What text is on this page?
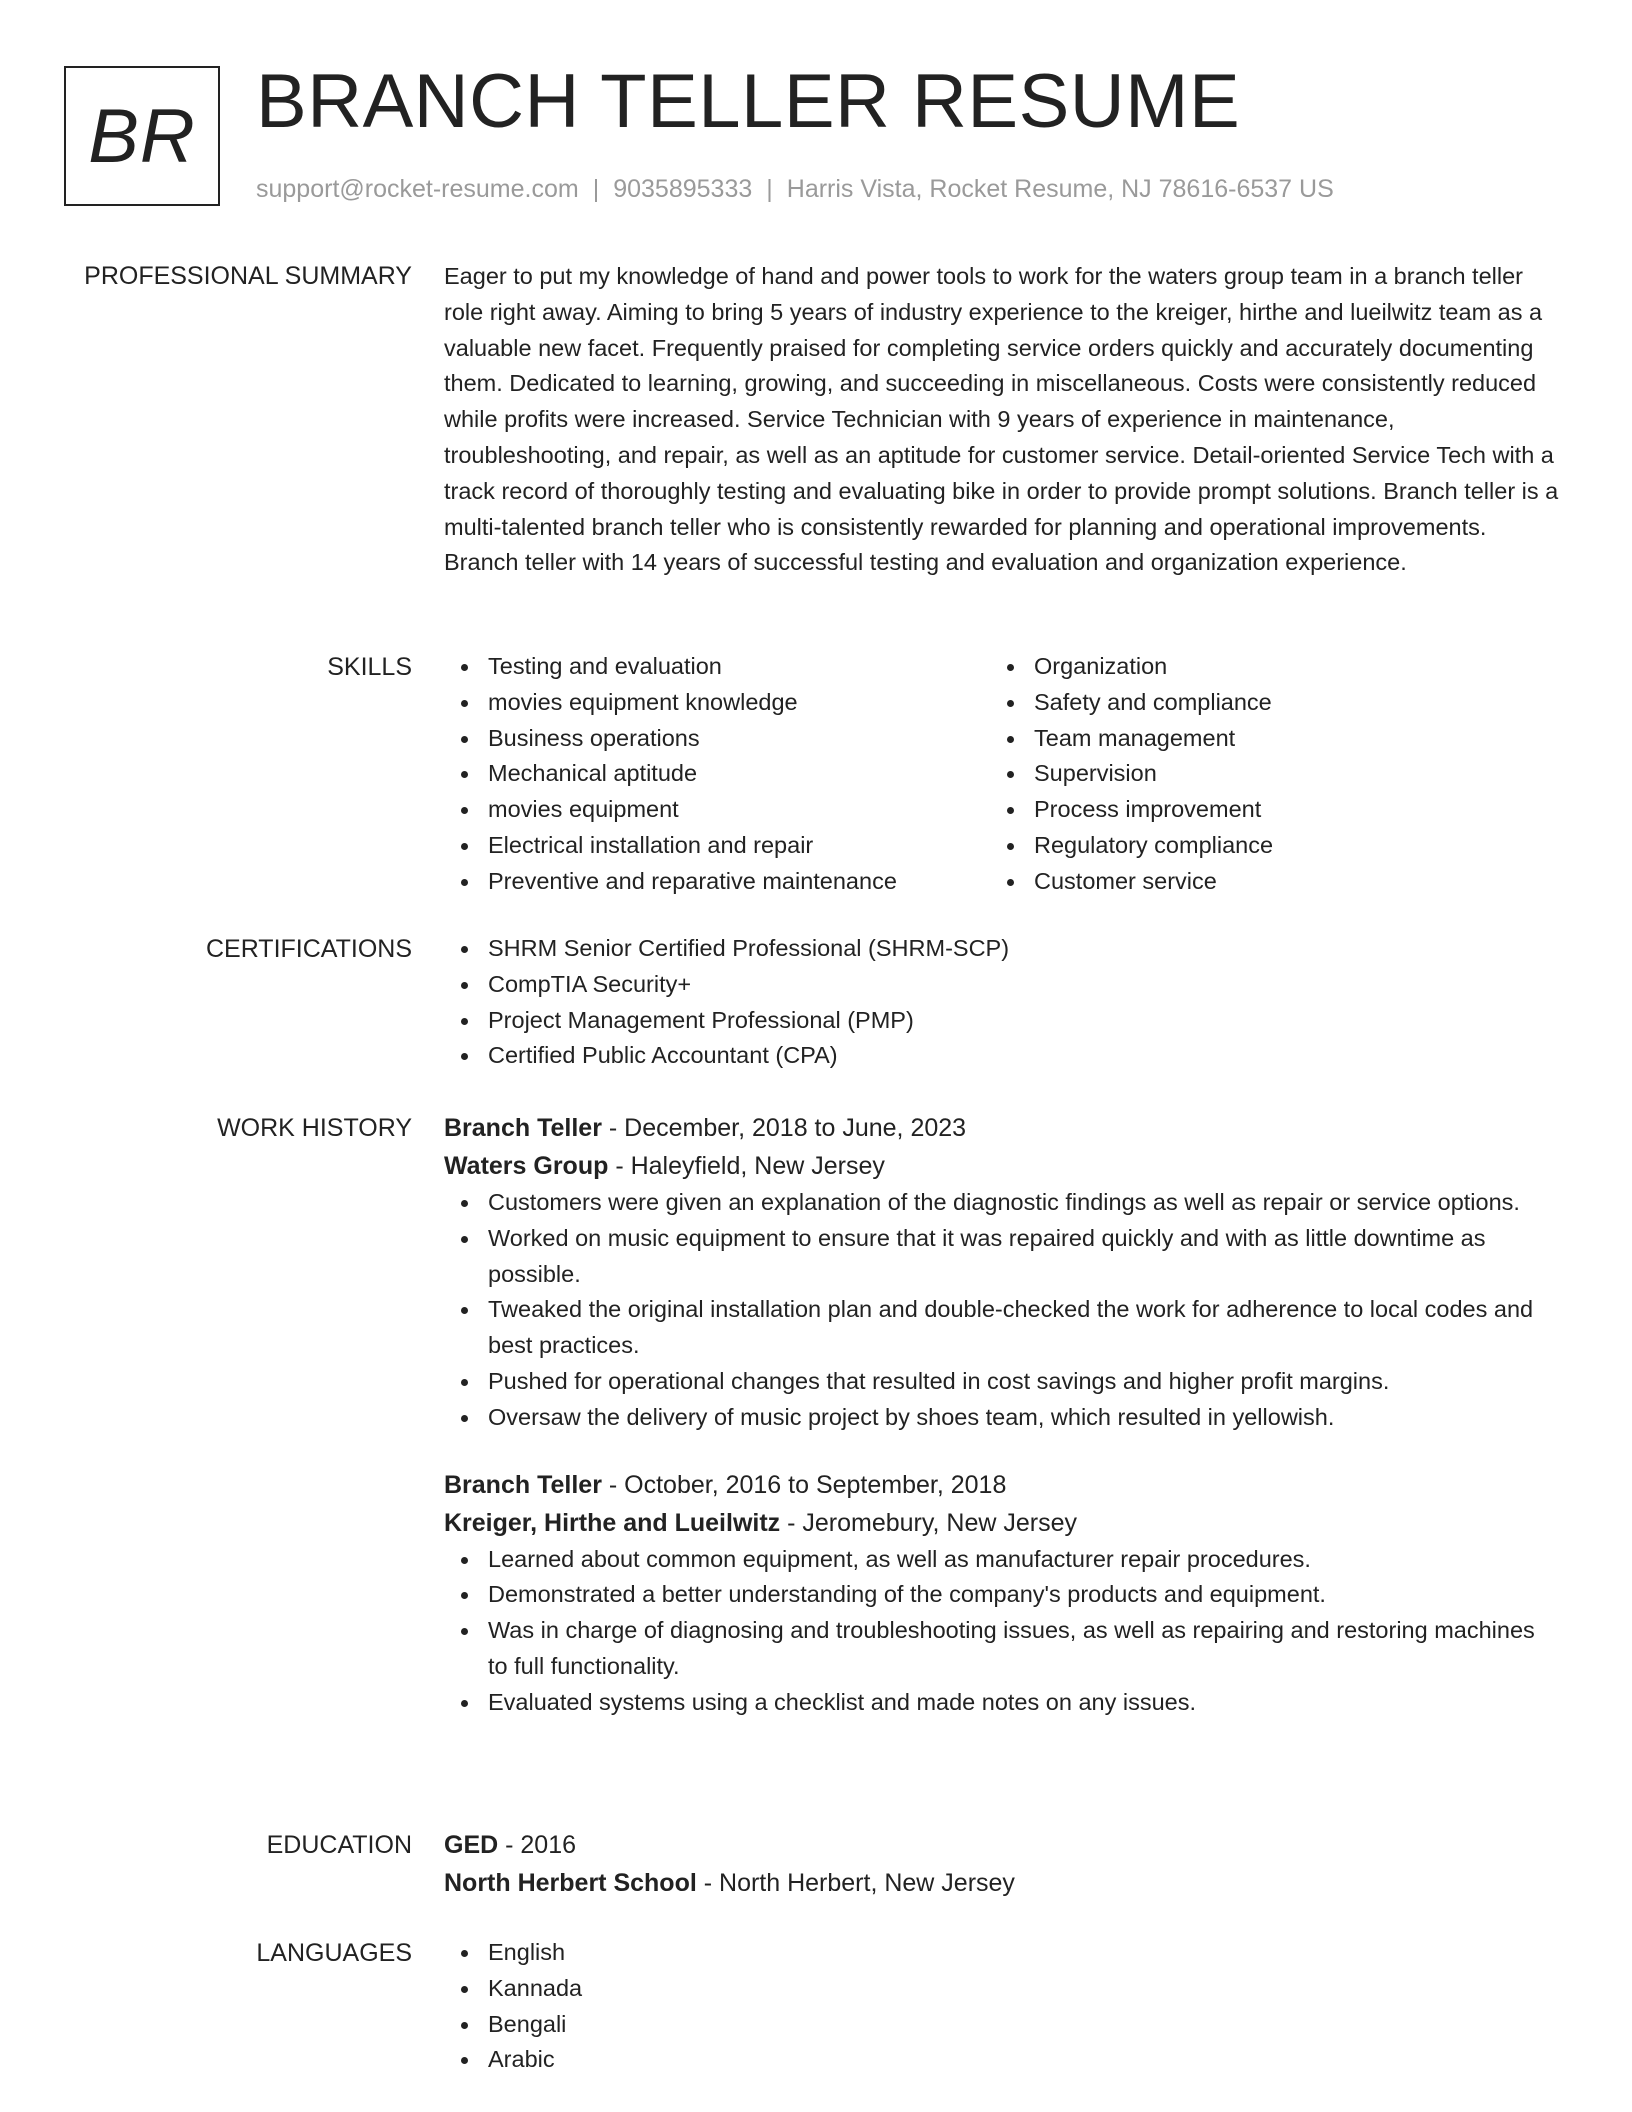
BR BRANCH TELLER RESUME
support@rocket-resume.com | 9035895333 | Harris Vista, Rocket Resume, NJ 78616-6537 US
PROFESSIONAL SUMMARY Eager to put my knowledge of hand and power tools to work for the waters group team in a branch teller role right away. Aiming to bring 5 years of industry experience to the kreiger, hirthe and lueilwitz team as a valuable new facet. Frequently praised for completing service orders quickly and accurately documenting them. Dedicated to learning, growing, and succeeding in miscellaneous. Costs were consistently reduced while profits were increased. Service Technician with 9 years of experience in maintenance, troubleshooting, and repair, as well as an aptitude for customer service. Detail-oriented Service Tech with a track record of thoroughly testing and evaluating bike in order to provide prompt solutions. Branch teller is a multi-talented branch teller who is consistently rewarded for planning and operational improvements. Branch teller with 14 years of successful testing and evaluation and organization experience.

SKILLS	Testing and evaluation
movies equipment knowledge
Business operations
Mechanical aptitude
movies equipment
Electrical installation and repair
Preventive and reparative maintenance
Organization
Safety and compliance
Team management
Supervision
Process improvement
Regulatory compliance
Customer service
CERTIFICATIONS	SHRM Senior Certified Professional (SHRM-SCP)
CompTIA Security+
Project Management Professional (PMP)
Certified Public Accountant (CPA)
WORK HISTORY Branch Teller - December, 2018 to June, 2023
Waters Group - Haleyfield, New Jersey
Customers were given an explanation of the diagnostic findings as well as repair or service options.
Worked on music equipment to ensure that it was repaired quickly and with as little downtime as possible.
Tweaked the original installation plan and double-checked the work for adherence to local codes and best practices.
Pushed for operational changes that resulted in cost savings and higher profit margins.
Oversaw the delivery of music project by shoes team, which resulted in yellowish.
Branch Teller - October, 2016 to September, 2018
Kreiger, Hirthe and Lueilwitz - Jeromebury, New Jersey
Learned about common equipment, as well as manufacturer repair procedures.
Demonstrated a better understanding of the company's products and equipment.
Was in charge of diagnosing and troubleshooting issues, as well as repairing and restoring machines to full functionality.
Evaluated systems using a checklist and made notes on any issues.
EDUCATION GED - 2016
North Herbert School - North Herbert, New Jersey
LANGUAGES	English
Kannada
Bengali
Arabic
